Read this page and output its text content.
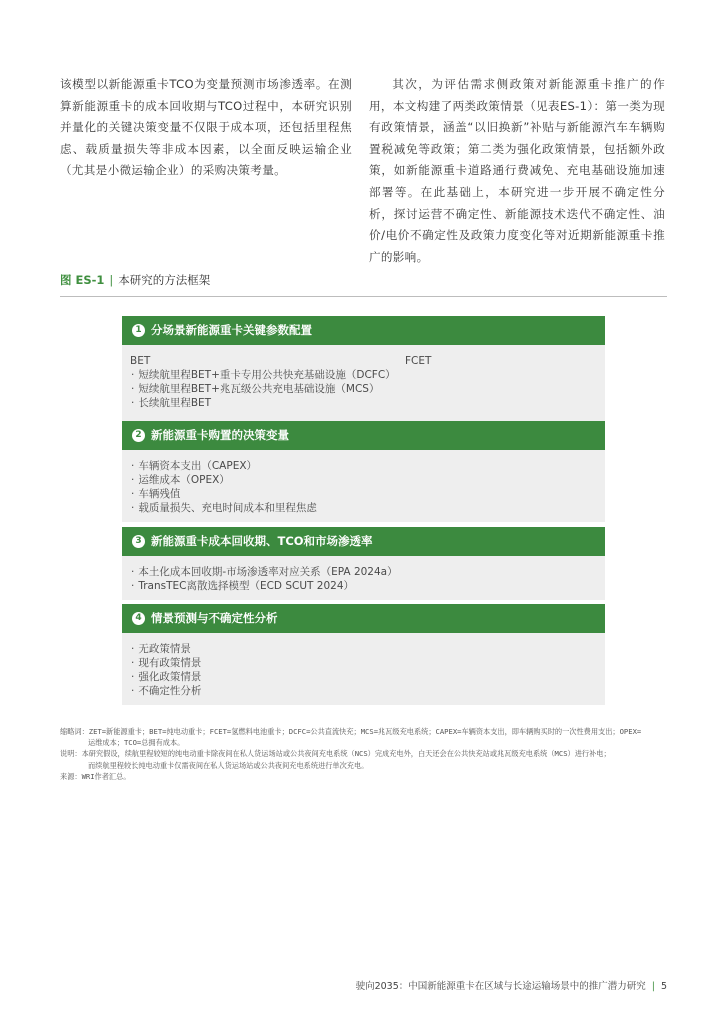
该模型以新能源重卡TCO为变量预测市场渗透率。在测算新能源重卡的成本回收期与TCO过程中，本研究识别并量化的关键决策变量不仅限于成本项，还包括里程焦虑、载质量损失等非成本因素，以全面反映运输企业（尤其是小微运输企业）的采购决策考量。
其次，为评估需求侧政策对新能源重卡推广的作用，本文构建了两类政策情景（见表ES-1）：第一类为现有政策情景，涵盖“以旧换新”补贴与新能源汽车车辆购置税减免等政策；第二类为强化政策情景，包括额外政策，如新能源重卡道路通行费减免、充电基础设施加速部署等。在此基础上，本研究进一步开展不确定性分析，探讨运营不确定性、新能源技术迭代不确定性、油价/电价不确定性及政策力度变化等对近期新能源重卡推广的影响。
图 ES-1 | 本研究的方法框架
1 分场景新能源重卡关键参数配置
BET	FCET
· 短续航里程BET+重卡专用公共快充基础设施（DCFC）
· 短续航里程BET+兆瓦级公共充电基础设施（MCS）
· 长续航里程BET
2 新能源重卡购置的决策变量
· 车辆资本支出（CAPEX）
· 运维成本（OPEX）
· 车辆残值
· 载质量损失、充电时间成本和里程焦虑
3 新能源重卡成本回收期、TCO和市场渗透率
· 本土化成本回收期-市场渗透率对应关系（EPA 2024a）
· TransTEC离散选择模型（ECD SCUT 2024）
4 情景预测与不确定性分析
· 无政策情景
· 现有政策情景
· 强化政策情景
· 不确定性分析
缩略词：ZET=新能源重卡；BET=纯电动重卡；FCET=氢燃料电池重卡；DCFC=公共直流快充；MCS=兆瓦级充电系统；CAPEX=车辆资本支出，即车辆购买时的一次性费用支出；OPEX=
运维成本；TCO=总拥有成本。
说明：本研究假设，续航里程较短的纯电动重卡除夜间在私人货运场站或公共夜间充电系统（NCS）完成充电外，白天还会在公共快充站或兆瓦级充电系统（MCS）进行补电；
而续航里程较长纯电动重卡仅需夜间在私人货运场站或公共夜间充电系统进行单次充电。
来源：WRI作者汇总。
驶向2035：中国新能源重卡在区域与长途运输场景中的推广潜力研究 | 5
